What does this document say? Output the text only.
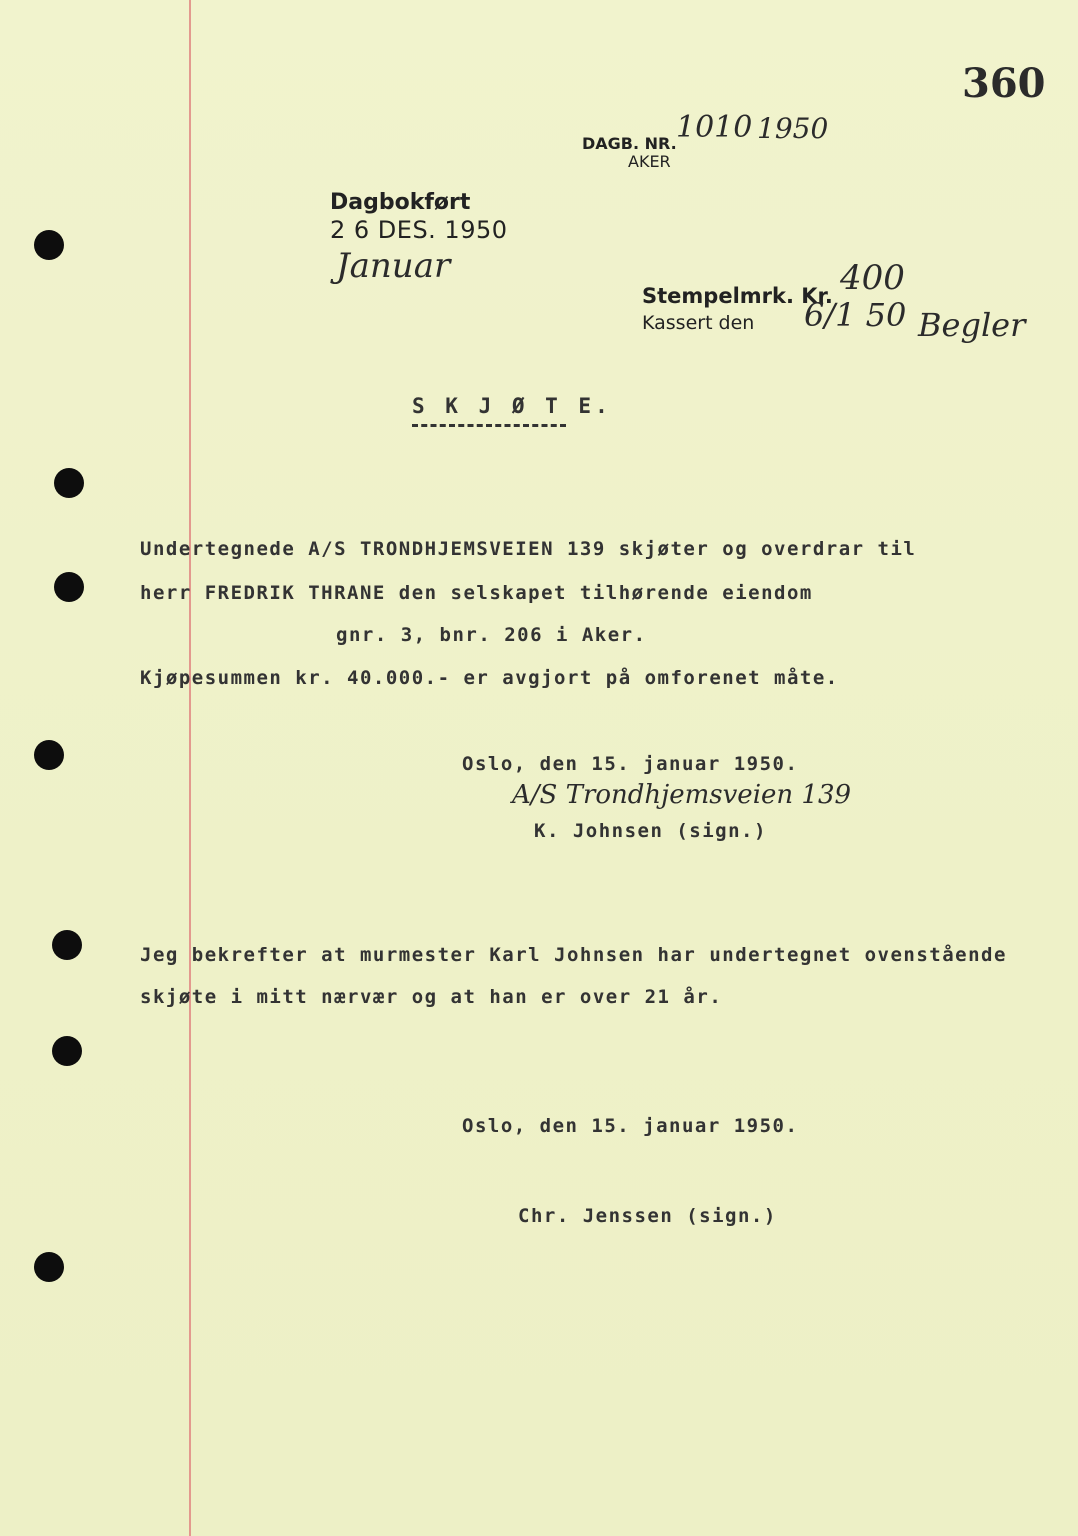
360
DAGB. NR. 1010 1950
AKER
Dagbokført
2 6 DES. 1950
Januar
Stempelmrk. Kr. 400
Kassert den 6/1 50 Begler
S K J Ø T E.
Undertegnede A/S TRONDHJEMSVEIEN 139 skjøter og overdrar til
herr FREDRIK THRANE den selskapet tilhørende eiendom
gnr. 3, bnr. 206 i Aker.
Kjøpesummen kr. 40.000.- er avgjort på omforenet måte.
Oslo, den 15. januar 1950.
A/S Trondhjemsveien 139
K. Johnsen (sign.)
Jeg bekrefter at murmester Karl Johnsen har undertegnet ovenstående
skjøte i mitt nærvær og at han er over 21 år.
Oslo, den 15. januar 1950.
Chr. Jenssen (sign.)
